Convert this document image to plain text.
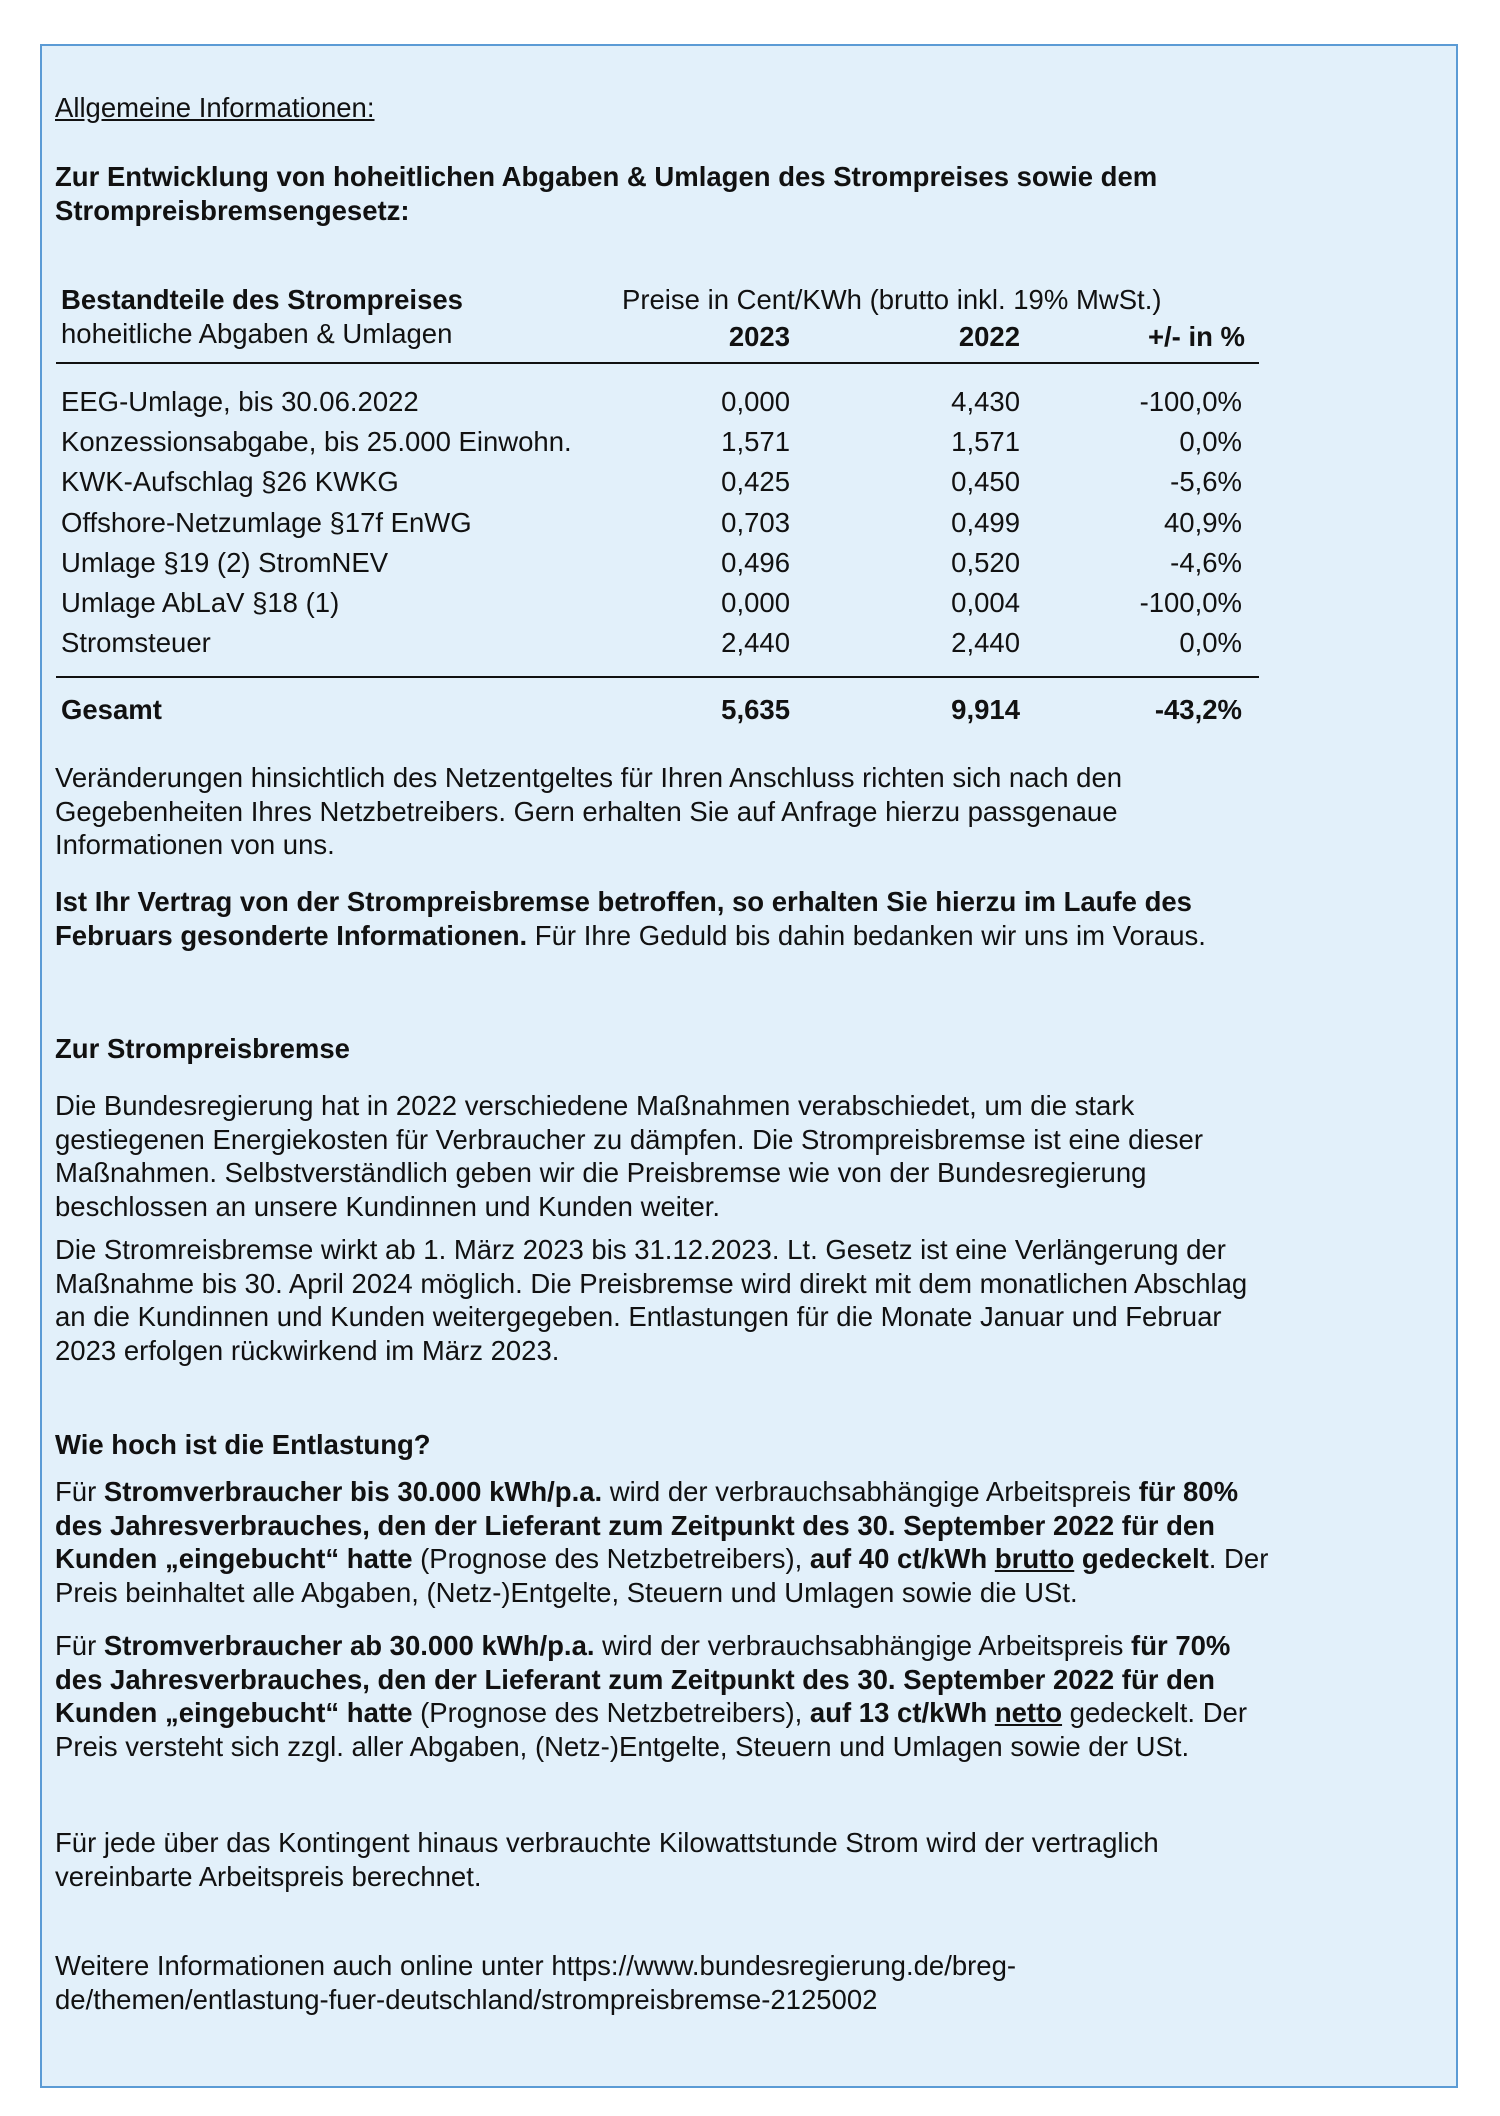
Allgemeine Informationen:
Zur Entwicklung von hoheitlichen Abgaben & Umlagen des Strompreises sowie dem
Strompreisbremsengesetz:
Bestandteile des Strompreises
hoheitliche Abgaben & Umlagen
Preise in Cent/KWh (brutto inkl. 19% MwSt.)
2023	2022	+/- in %
EEG-Umlage, bis 30.06.2022	0,000	4,430	-100,0%
Konzessionsabgabe, bis 25.000 Einwohn.	1,571	1,571	0,0%
KWK-Aufschlag §26 KWKG	0,425	0,450	-5,6%
Offshore-Netzumlage §17f EnWG	0,703	0,499	40,9%
Umlage §19 (2) StromNEV	0,496	0,520	-4,6%
Umlage AbLaV §18 (1)	0,000	0,004	-100,0%
Stromsteuer	2,440	2,440	0,0%
Gesamt	5,635	9,914	-43,2%
Veränderungen hinsichtlich des Netzentgeltes für Ihren Anschluss richten sich nach den
Gegebenheiten Ihres Netzbetreibers. Gern erhalten Sie auf Anfrage hierzu passgenaue
Informationen von uns.
Ist Ihr Vertrag von der Strompreisbremse betroffen, so erhalten Sie hierzu im Laufe des
Februars gesonderte Informationen. Für Ihre Geduld bis dahin bedanken wir uns im Voraus.
Zur Strompreisbremse
Die Bundesregierung hat in 2022 verschiedene Maßnahmen verabschiedet, um die stark
gestiegenen Energiekosten für Verbraucher zu dämpfen. Die Strompreisbremse ist eine dieser
Maßnahmen. Selbstverständlich geben wir die Preisbremse wie von der Bundesregierung
beschlossen an unsere Kundinnen und Kunden weiter.
Die Stromreisbremse wirkt ab 1. März 2023 bis 31.12.2023. Lt. Gesetz ist eine Verlängerung der
Maßnahme bis 30. April 2024 möglich. Die Preisbremse wird direkt mit dem monatlichen Abschlag
an die Kundinnen und Kunden weitergegeben. Entlastungen für die Monate Januar und Februar
2023 erfolgen rückwirkend im März 2023.
Wie hoch ist die Entlastung?
Für Stromverbraucher bis 30.000 kWh/p.a. wird der verbrauchsabhängige Arbeitspreis für 80%
des Jahresverbrauches, den der Lieferant zum Zeitpunkt des 30. September 2022 für den
Kunden „eingebucht“ hatte (Prognose des Netzbetreibers), auf 40 ct/kWh brutto gedeckelt. Der
Preis beinhaltet alle Abgaben, (Netz-)Entgelte, Steuern und Umlagen sowie die USt.
Für Stromverbraucher ab 30.000 kWh/p.a. wird der verbrauchsabhängige Arbeitspreis für 70%
des Jahresverbrauches, den der Lieferant zum Zeitpunkt des 30. September 2022 für den
Kunden „eingebucht“ hatte (Prognose des Netzbetreibers), auf 13 ct/kWh netto gedeckelt. Der
Preis versteht sich zzgl. aller Abgaben, (Netz-)Entgelte, Steuern und Umlagen sowie der USt.
Für jede über das Kontingent hinaus verbrauchte Kilowattstunde Strom wird der vertraglich
vereinbarte Arbeitspreis berechnet.
Weitere Informationen auch online unter https://www.bundesregierung.de/breg-
de/themen/entlastung-fuer-deutschland/strompreisbremse-2125002
